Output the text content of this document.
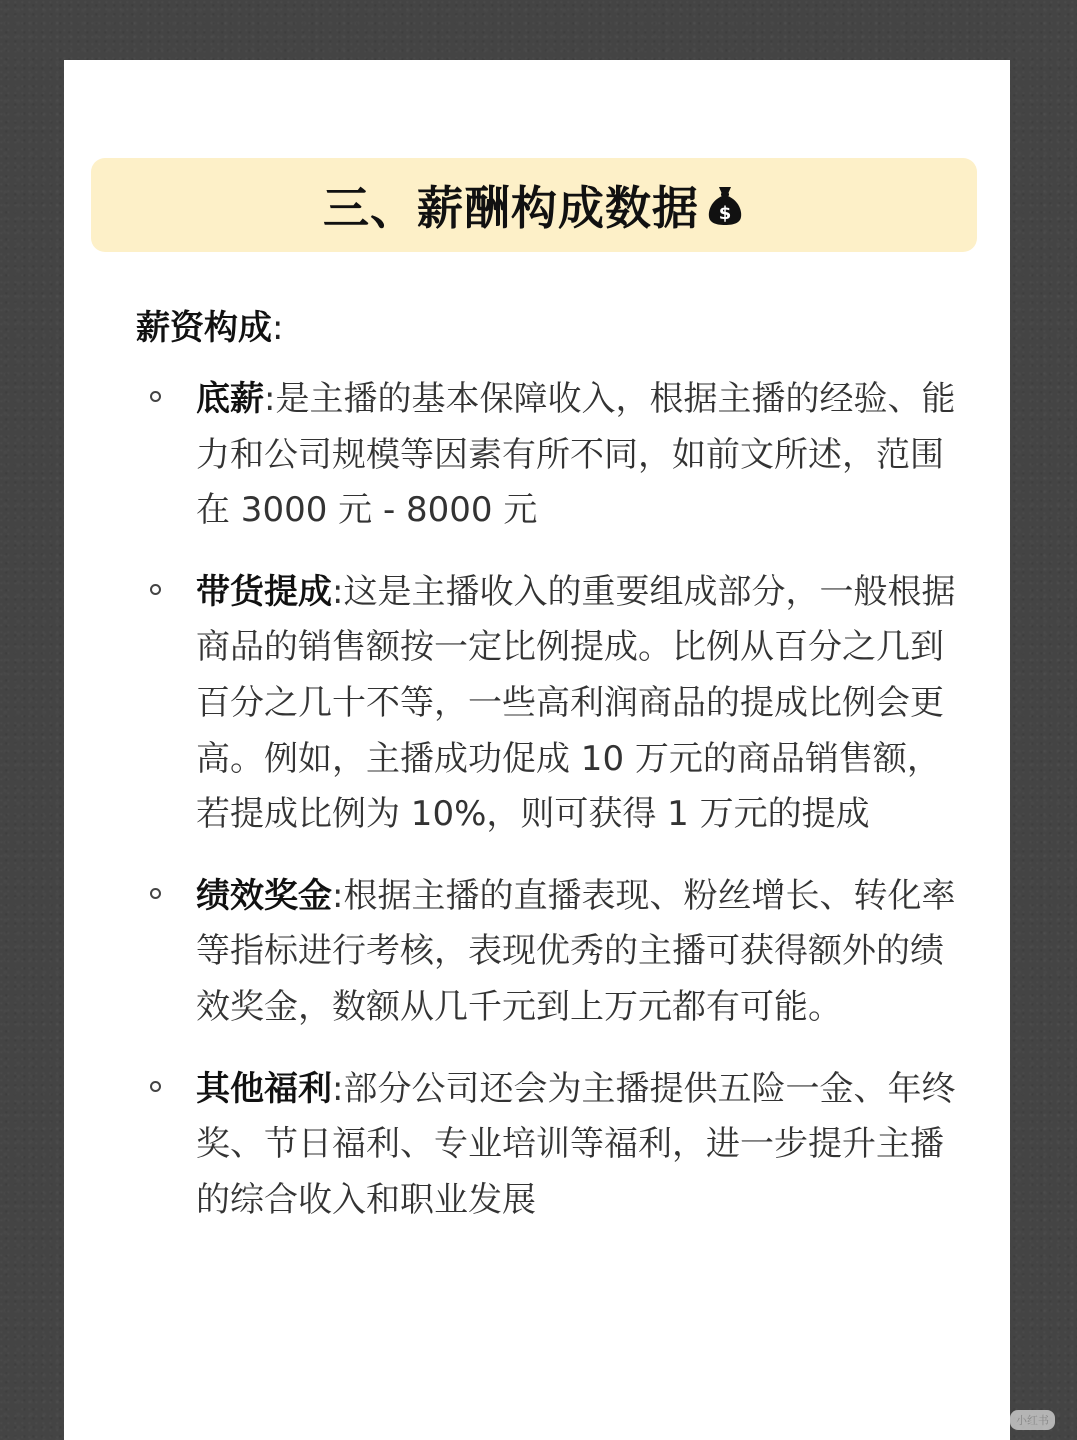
三、薪酬构成数据 $
薪资构成:
底薪:是主播的基本保障收入，根据主播的经验、能力和公司规模等因素有所不同，如前文所述，范围在 3000 元 - 8000 元
带货提成:这是主播收入的重要组成部分，一般根据商品的销售额按一定比例提成。比例从百分之几到百分之几十不等，一些高利润商品的提成比例会更高。例如，主播成功促成 10 万元的商品销售额，若提成比例为 10%，则可获得 1 万元的提成
绩效奖金:根据主播的直播表现、粉丝增长、转化率等指标进行考核，表现优秀的主播可获得额外的绩效奖金，数额从几千元到上万元都有可能。
其他福利:部分公司还会为主播提供五险一金、年终奖、节日福利、专业培训等福利，进一步提升主播的综合收入和职业发展
小红书
